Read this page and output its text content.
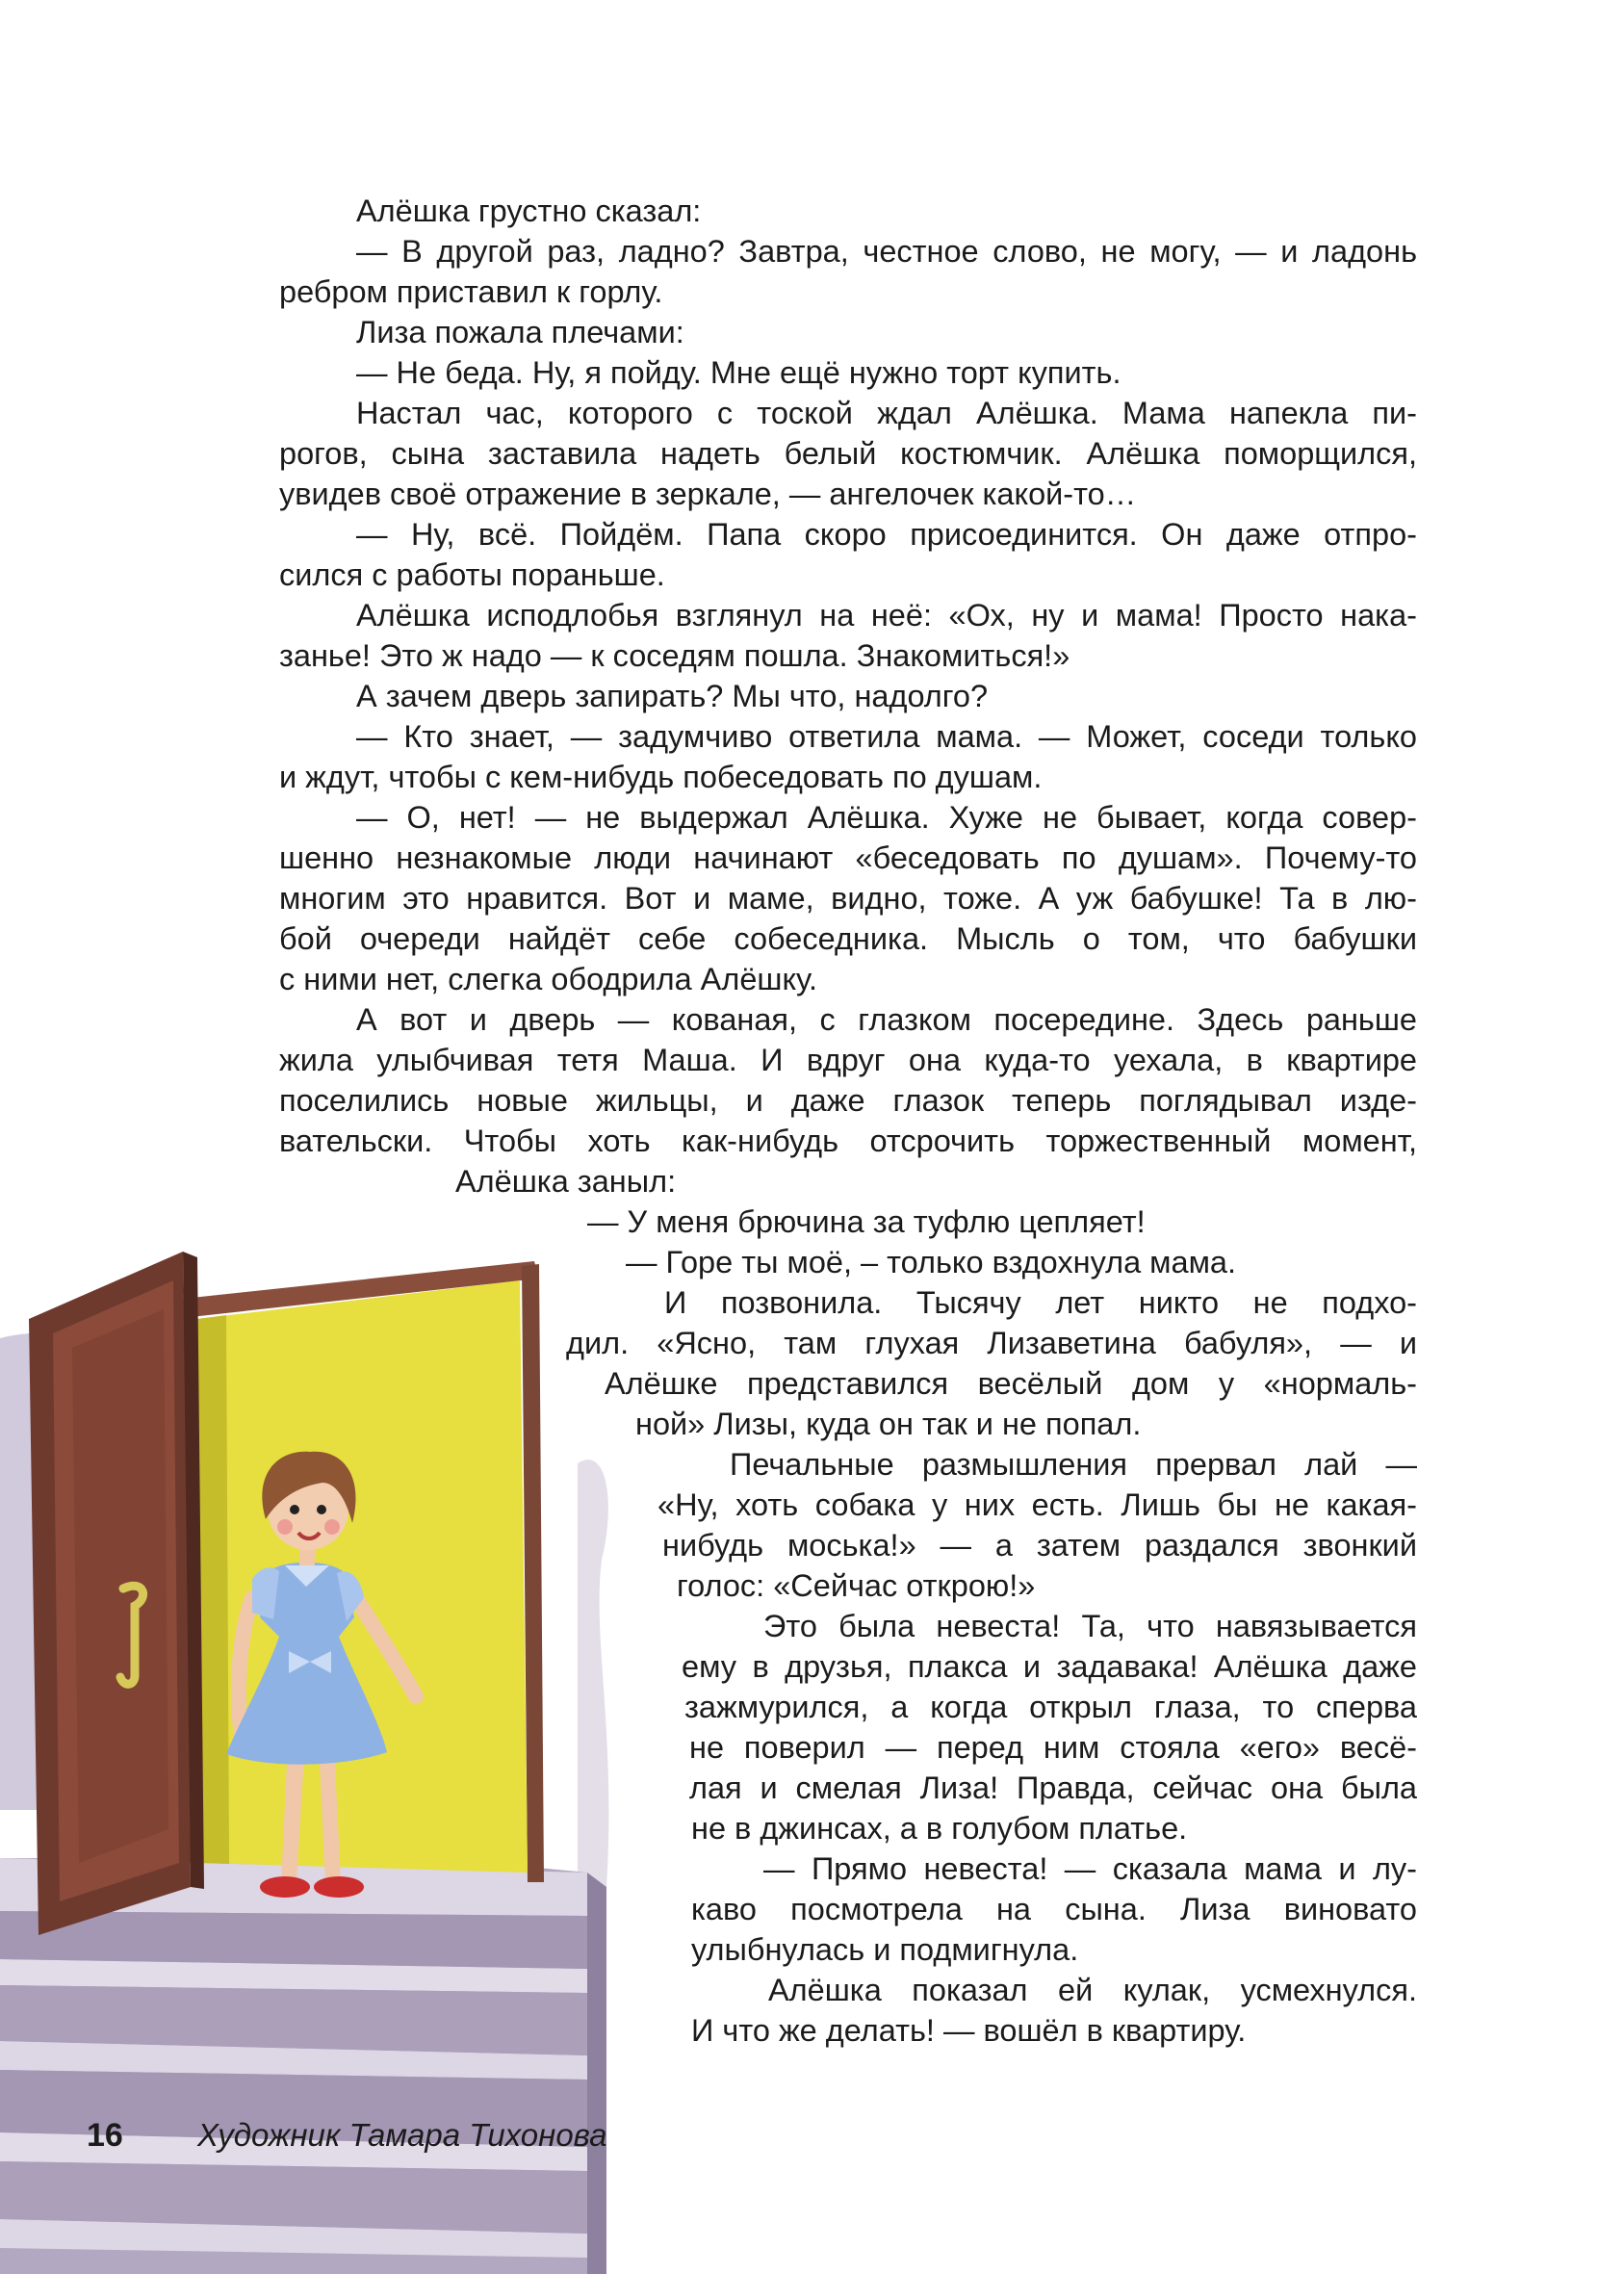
Алёшка грустно сказал:
— В другой раз, ладно? Завтра, честное слово, не могу, — и ладонь
ребром приставил к горлу.
Лиза пожала плечами:
— Не беда. Ну, я пойду. Мне ещё нужно торт купить.
Настал час, которого с тоской ждал Алёшка. Мама напекла пи-
рогов, сына заставила надеть белый костюмчик. Алёшка поморщился,
увидев своё отражение в зеркале, — ангелочек какой-то…
— Ну, всё. Пойдём. Папа скоро присоединится. Он даже отпро-
сился с работы пораньше.
Алёшка исподлобья взглянул на неё: «Ох, ну и мама! Просто нака-
занье! Это ж надо — к соседям пошла. Знакомиться!»
А зачем дверь запирать? Мы что, надолго?
— Кто знает, — задумчиво ответила мама. — Может, соседи только
и ждут, чтобы с кем-нибудь побеседовать по душам.
— О, нет! — не выдержал Алёшка. Хуже не бывает, когда совер-
шенно незнакомые люди начинают «беседовать по душам». Почему-то
многим это нравится. Вот и маме, видно, тоже. А уж бабушке! Та в лю-
бой очереди найдёт себе собеседника. Мысль о том, что бабушки
с ними нет, слегка ободрила Алёшку.
А вот и дверь — кованая, с глазком посередине. Здесь раньше
жила улыбчивая тетя Маша. И вдруг она куда-то уехала, в квартире
поселились новые жильцы, и даже глазок теперь поглядывал изде-
вательски. Чтобы хоть как-нибудь отсрочить торжественный момент,
Алёшка заныл:
— У меня брючина за туфлю цепляет!
— Горе ты моё, – только вздохнула мама.
И позвонила. Тысячу лет никто не подхо-
дил. «Ясно, там глухая Лизаветина бабуля», — и
Алёшке представился весёлый дом у «нормаль-
ной» Лизы, куда он так и не попал.
Печальные размышления прервал лай —
«Ну, хоть собака у них есть. Лишь бы не какая-
нибудь моська!» — а затем раздался звонкий
голос: «Сейчас открою!»
Это была невеста! Та, что навязывается
ему в друзья, плакса и задавака! Алёшка даже
зажмурился, а когда открыл глаза, то сперва
не поверил — перед ним стояла «его» весё-
лая и смелая Лиза! Правда, сейчас она была
не в джинсах, а в голубом платье.
— Прямо невеста! — сказала мама и лу-
каво посмотрела на сына. Лиза виновато
улыбнулась и подмигнула.
Алёшка показал ей кулак, усмехнулся.
И что же делать! — вошёл в квартиру.
16 Художник Тамара Тихонова
